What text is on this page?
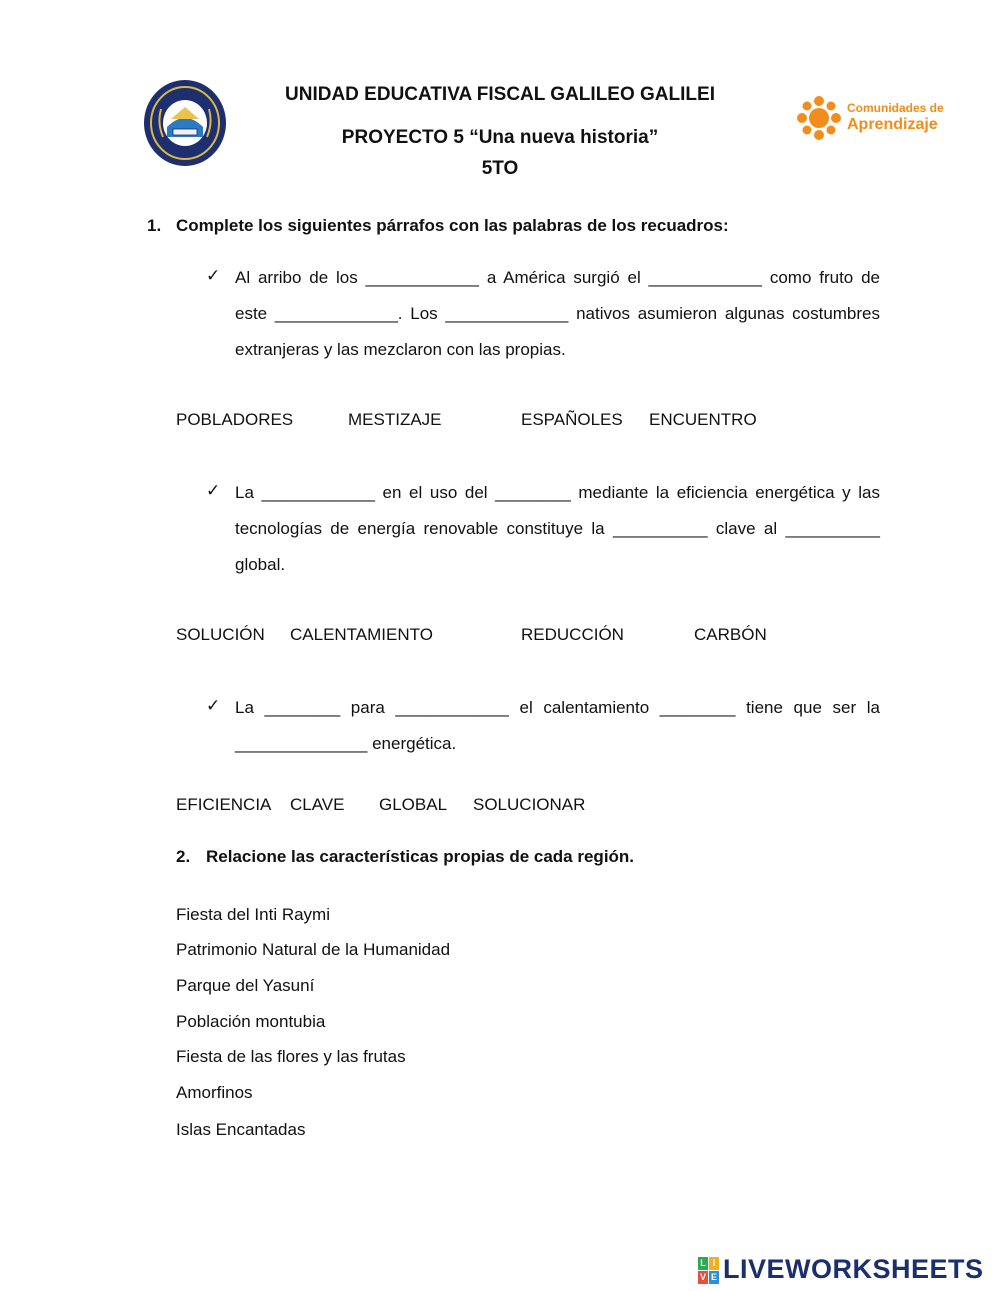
UNIDAD EDUCATIVA FISCAL GALILEO GALILEI
PROYECTO 5 “Una nueva historia”
5TO
Comunidades de
Aprendizaje
1. Complete los siguientes párrafos con las palabras de los recuadros:
✓ Al arribo de los ____________ a América surgió el ____________ como fruto de
este _____________. Los _____________ nativos asumieron algunas costumbres
extranjeras y las mezclaron con las propias.
POBLADORES	MESTIZAJE	ESPAÑOLES ENCUENTRO
✓ La ____________ en el uso del ________ mediante la eficiencia energética y las
tecnologías de energía renovable constituye la __________ clave al __________
global.
SOLUCIÓN CALENTAMIENTO	REDUCCIÓN	CARBÓN
✓ La ________ para ____________ el calentamiento ________ tiene que ser la
______________ energética.
EFICIENCIA CLAVE GLOBAL SOLUCIONAR
2. Relacione las características propias de cada región.
Fiesta del Inti Raymi
Patrimonio Natural de la Humanidad
Parque del Yasuní
Población montubia
Fiesta de las flores y las frutas
Amorfinos
Islas Encantadas
L I
V E LIVEWORKSHEETS
